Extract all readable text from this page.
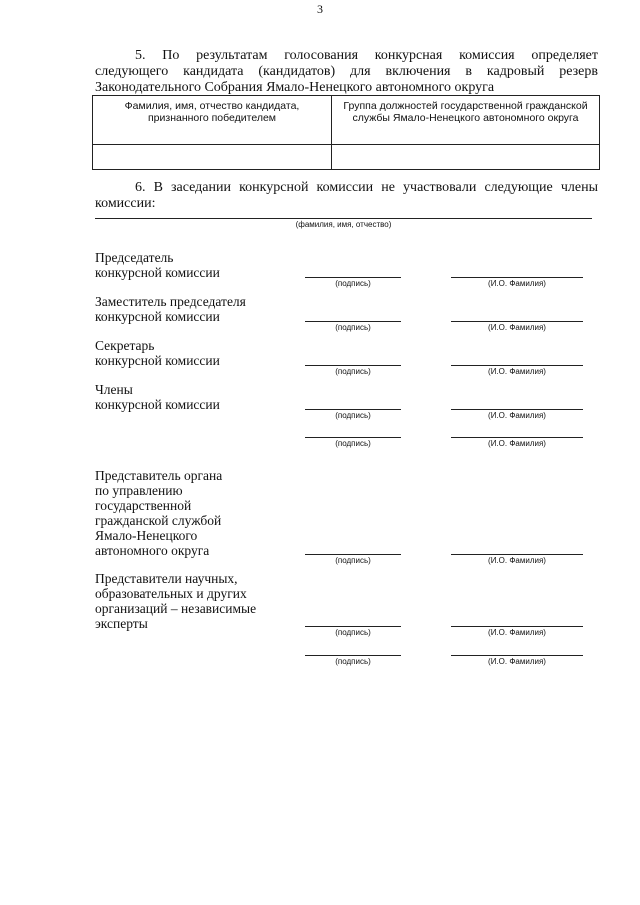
3
5. По результатам голосования конкурсная комиссия определяет
следующего кандидата (кандидатов) для включения в кадровый резерв
Законодательного Собрания Ямало-Ненецкого автономного округа
Фамилия, имя, отчество кандидата, признанного победителем	Группа должностей государственной гражданской службы Ямало-Ненецкого автономного округа

6. В заседании конкурсной комиссии не участвовали следующие члены
комиссии:
(фамилия, имя, отчество)
Председатель
конкурсной комиссии
(подпись)	(И.О. Фамилия)
Заместитель председателя
конкурсной комиссии
(подпись)	(И.О. Фамилия)
Секретарь
конкурсной комиссии
(подпись)	(И.О. Фамилия)
Члены
конкурсной комиссии
(подпись)	(И.О. Фамилия)
(подпись)	(И.О. Фамилия)
Представитель органа
по управлению
государственной
гражданской службой
Ямало-Ненецкого
автономного округа
(подпись)	(И.О. Фамилия)
Представители научных,
образовательных и других
организаций – независимые
эксперты
(подпись)	(И.О. Фамилия)
(подпись)	(И.О. Фамилия)
